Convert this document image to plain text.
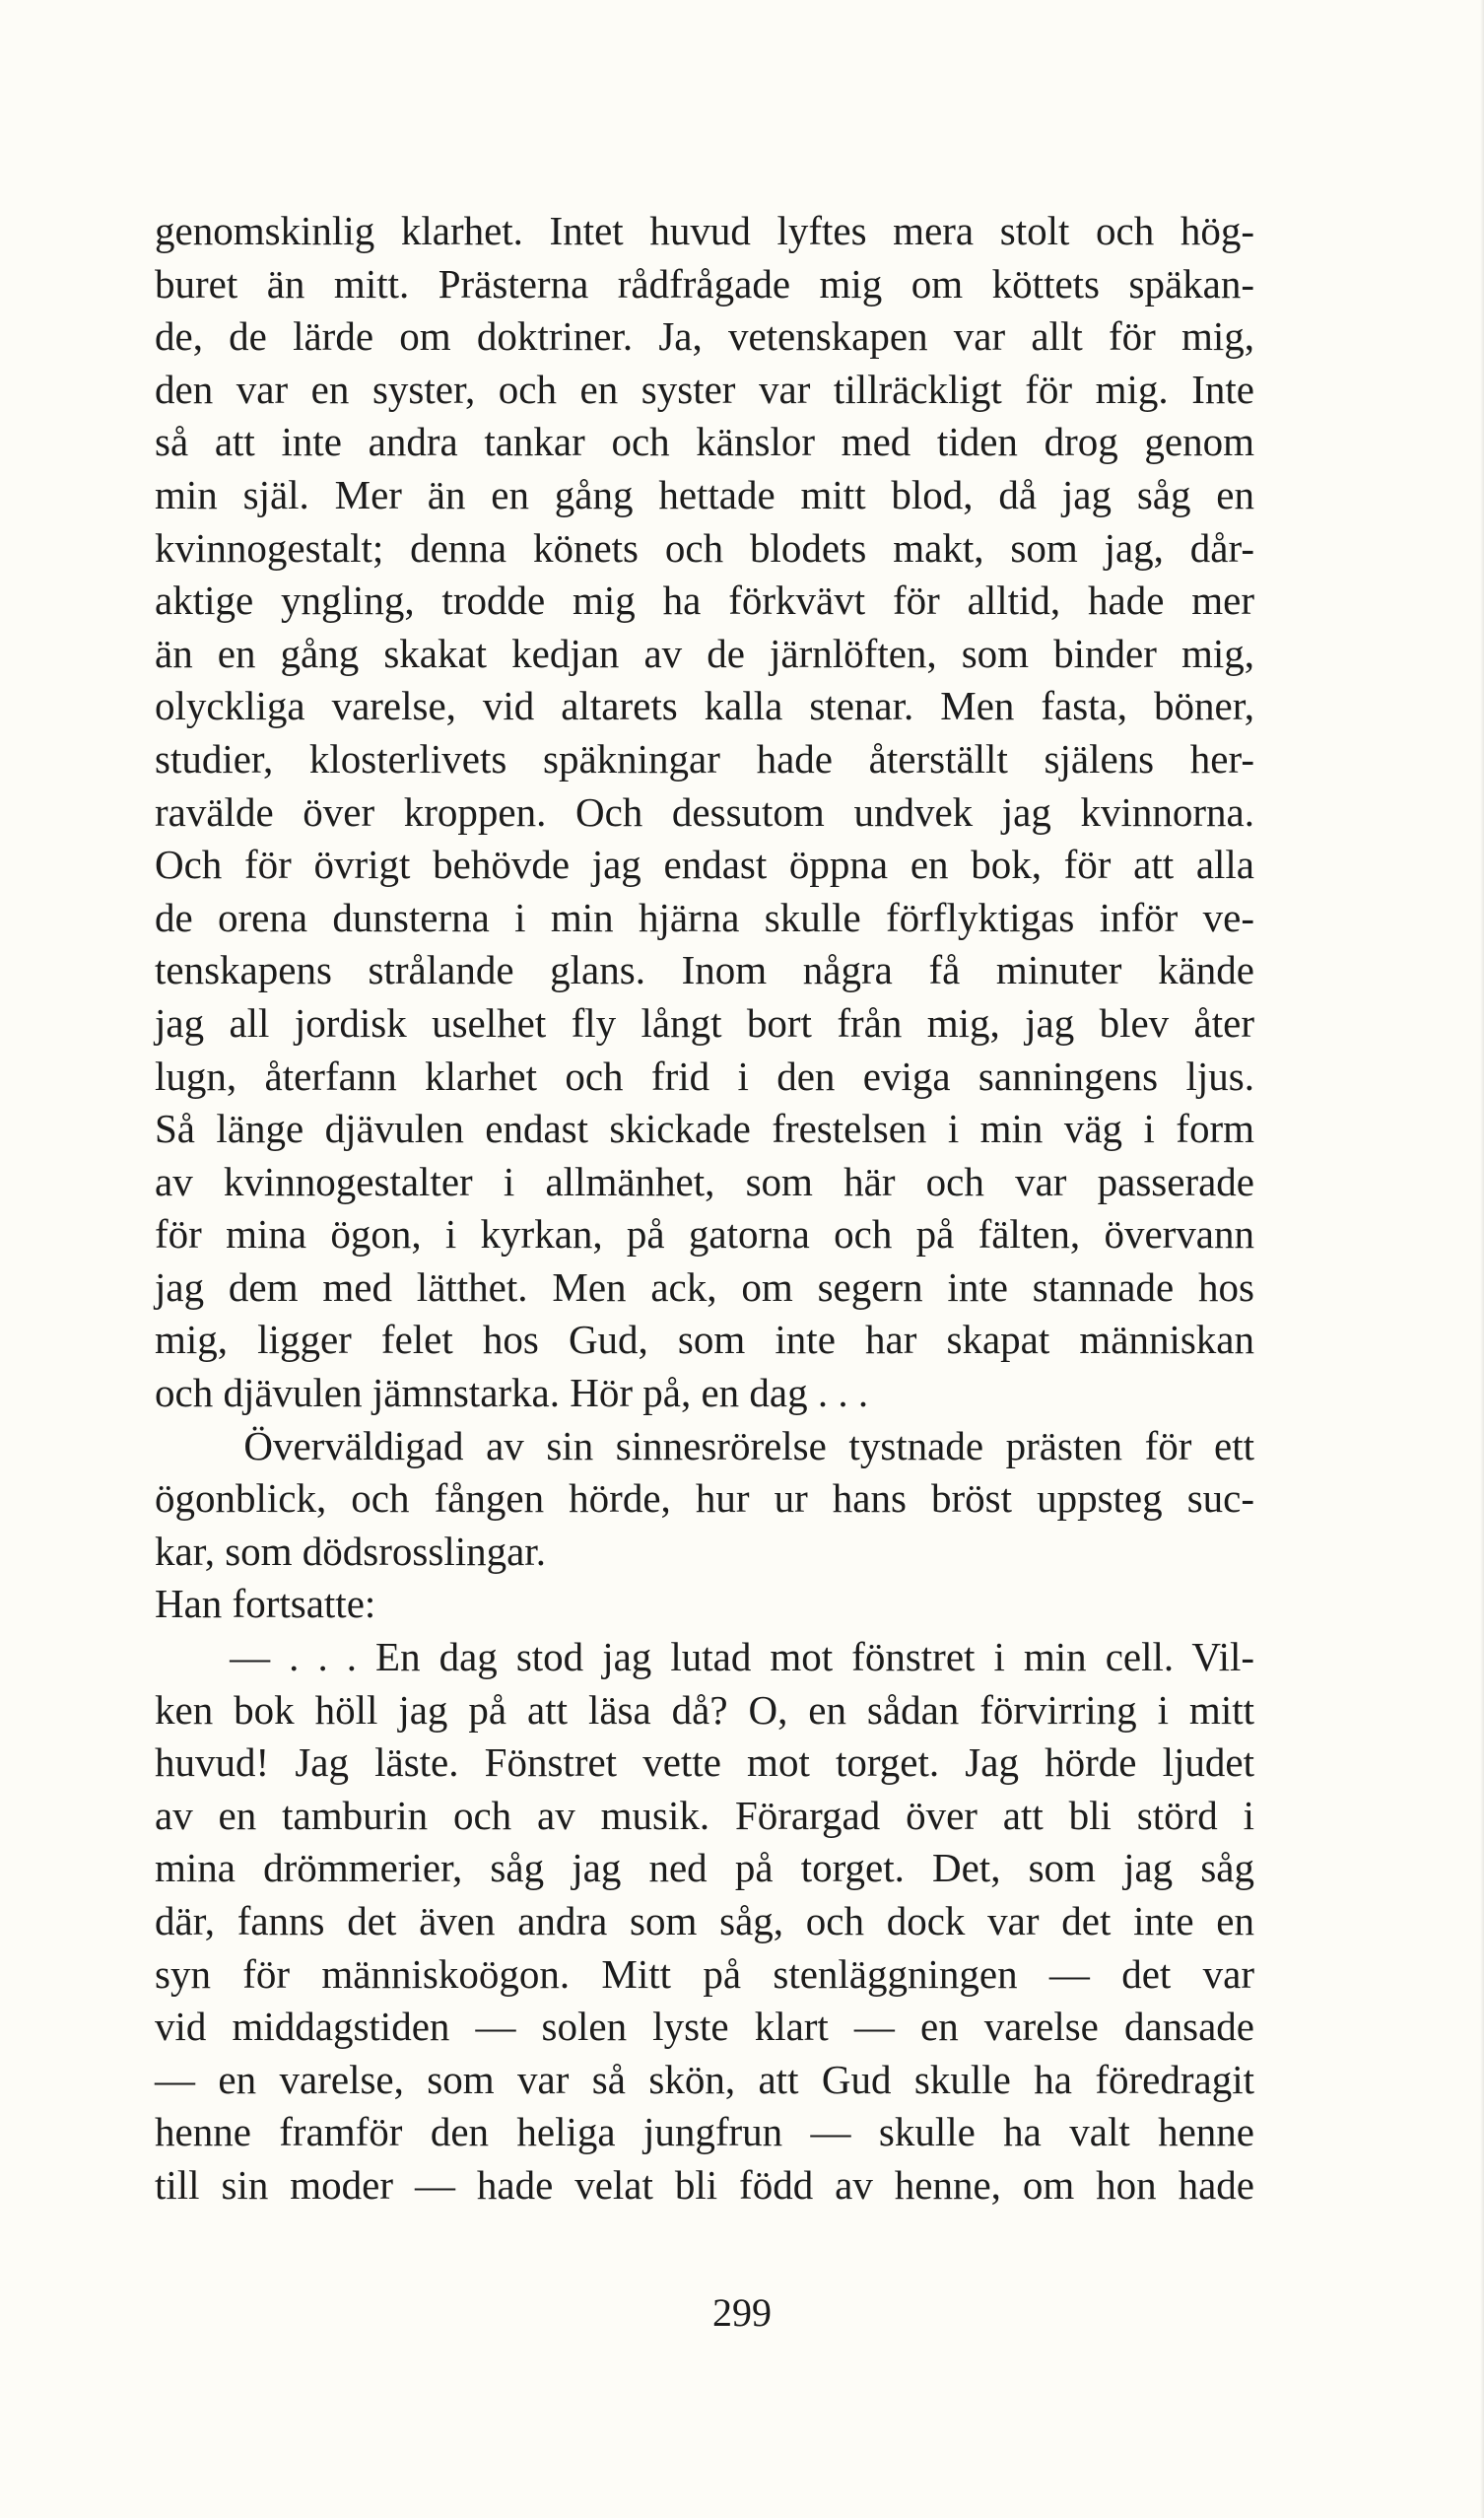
genomskinlig klarhet. Intet huvud lyftes mera stolt och hög-
buret än mitt. Prästerna rådfrågade mig om köttets späkan-
de, de lärde om doktriner. Ja, vetenskapen var allt för mig,
den var en syster, och en syster var tillräckligt för mig. Inte
så att inte andra tankar och känslor med tiden drog genom
min själ. Mer än en gång hettade mitt blod, då jag såg en
kvinnogestalt; denna könets och blodets makt, som jag, dår-
aktige yngling, trodde mig ha förkvävt för alltid, hade mer
än en gång skakat kedjan av de järnlöften, som binder mig,
olyckliga varelse, vid altarets kalla stenar. Men fasta, böner,
studier, klosterlivets späkningar hade återställt själens her-
ravälde över kroppen. Och dessutom undvek jag kvinnorna.
Och för övrigt behövde jag endast öppna en bok, för att alla
de orena dunsterna i min hjärna skulle förflyktigas inför ve-
tenskapens strålande glans. Inom några få minuter kände
jag all jordisk uselhet fly långt bort från mig, jag blev åter
lugn, återfann klarhet och frid i den eviga sanningens ljus.
Så länge djävulen endast skickade frestelsen i min väg i form
av kvinnogestalter i allmänhet, som här och var passerade
för mina ögon, i kyrkan, på gatorna och på fälten, övervann
jag dem med lätthet. Men ack, om segern inte stannade hos
mig, ligger felet hos Gud, som inte har skapat människan
och djävulen jämnstarka. Hör på, en dag . . .
Överväldigad av sin sinnesrörelse tystnade prästen för ett
ögonblick, och fången hörde, hur ur hans bröst uppsteg suc-
kar, som dödsrosslingar.
Han fortsatte:
— . . . En dag stod jag lutad mot fönstret i min cell. Vil-
ken bok höll jag på att läsa då? O, en sådan förvirring i mitt
huvud! Jag läste. Fönstret vette mot torget. Jag hörde ljudet
av en tamburin och av musik. Förargad över att bli störd i
mina drömmerier, såg jag ned på torget. Det, som jag såg
där, fanns det även andra som såg, och dock var det inte en
syn för människoögon. Mitt på stenläggningen — det var
vid middagstiden — solen lyste klart — en varelse dansade
— en varelse, som var så skön, att Gud skulle ha föredragit
henne framför den heliga jungfrun — skulle ha valt henne
till sin moder — hade velat bli född av henne, om hon hade
299
